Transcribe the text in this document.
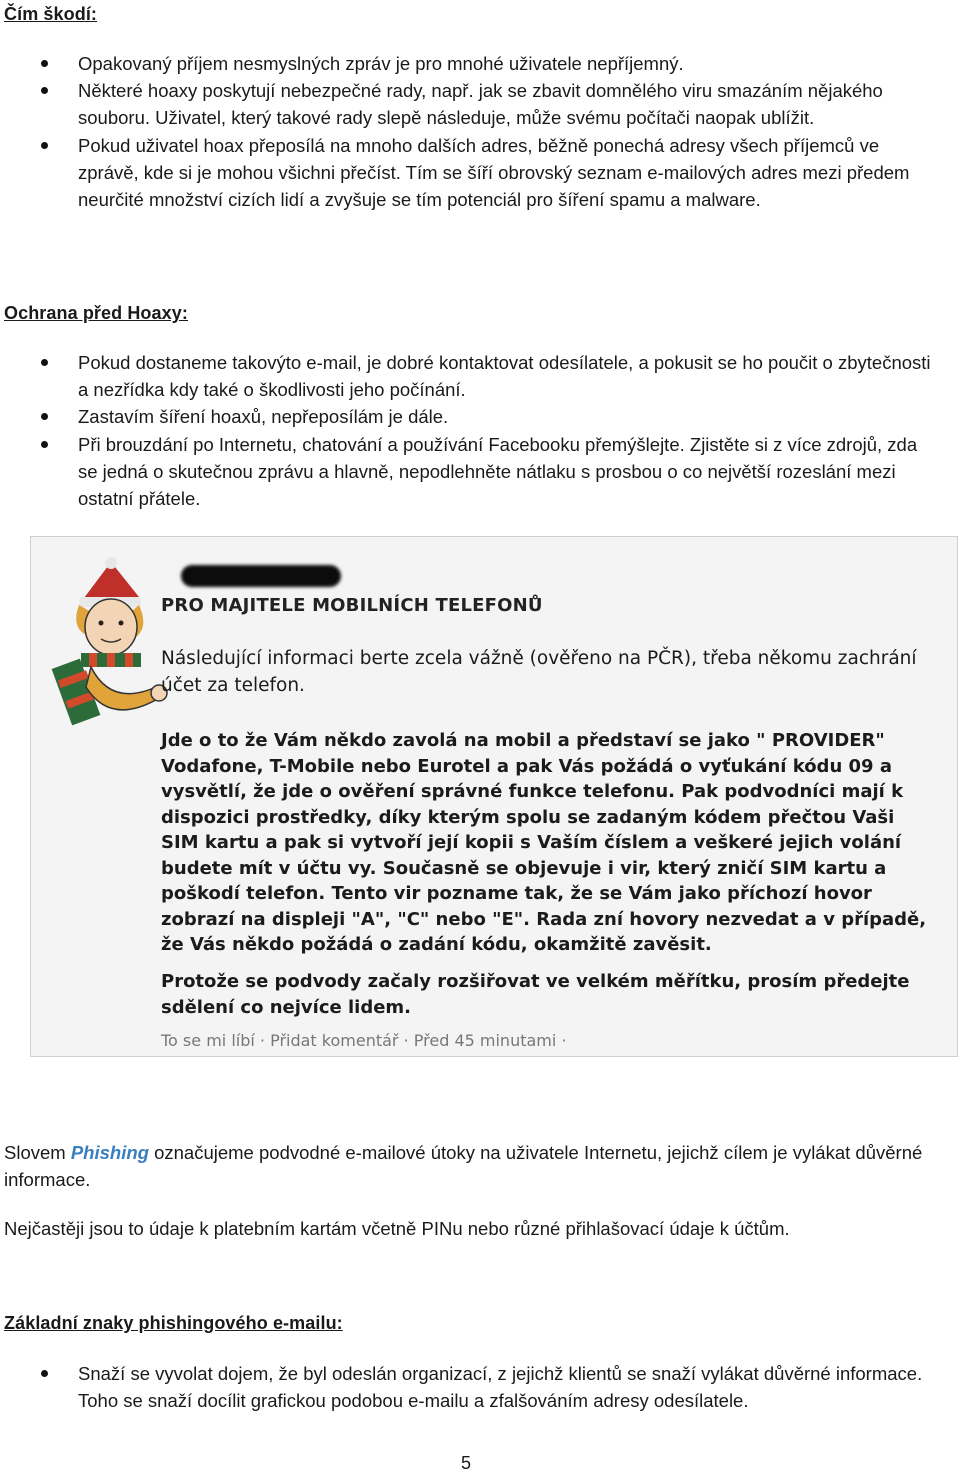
Čím škodí:
Opakovaný příjem nesmyslných zpráv je pro mnohé uživatele nepříjemný.
Některé hoaxy poskytují nebezpečné rady, např. jak se zbavit domnělého viru smazáním nějakého souboru. Uživatel, který takové rady slepě následuje, může svému počítači naopak ublížit.
Pokud uživatel hoax přeposílá na mnoho dalších adres, běžně ponechá adresy všech příjemců ve zprávě, kde si je mohou všichni přečíst. Tím se šíří obrovský seznam e-mailových adres mezi předem neurčité množství cizích lidí a zvyšuje se tím potenciál pro šíření spamu a malware.
Ochrana před Hoaxy:
Pokud dostaneme takovýto e-mail, je dobré kontaktovat odesílatele, a pokusit se ho poučit o zbytečnosti a nezřídka kdy také o škodlivosti jeho počínání.
Zastavím šíření hoaxů, nepřeposílám je dále.
Při brouzdání po Internetu, chatování a používání Facebooku přemýšlejte. Zjistěte si z více zdrojů, zda se jedná o skutečnou zprávu a hlavně, nepodlehněte nátlaku s prosbou o co největší rozeslání mezi ostatní přátele.
PRO MAJITELE MOBILNÍCH TELEFONŮ
Následující informaci berte zcela vážně (ověřeno na PČR), třeba někomu zachrání účet za telefon.
Jde o to že Vám někdo zavolá na mobil a představí se jako " PROVIDER" Vodafone, T-Mobile nebo Eurotel a pak Vás požádá o vyťukání kódu 09 a vysvětlí, že jde o ověření správné funkce telefonu. Pak podvodníci mají k dispozici prostředky, díky kterým spolu se zadaným kódem přečtou Vaši SIM kartu a pak si vytvoří její kopii s Vaším číslem a veškeré jejich volání budete mít v účtu vy. Současně se objevuje i vir, který zničí SIM kartu a poškodí telefon. Tento vir pozname tak, že se Vám jako příchozí hovor zobrazí na displeji "A", "C" nebo "E". Rada zní hovory nezvedat a v případě, že Vás někdo požádá o zadání kódu, okamžitě zavěsit.
Protože se podvody začaly rozšiřovat ve velkém měřítku, prosím předejte sdělení co nejvíce lidem.
To se mi líbí · Přidat komentář · Před 45 minutami ·
Slovem Phishing označujeme podvodné e-mailové útoky na uživatele Internetu, jejichž cílem je vylákat důvěrné informace.
Nejčastěji jsou to údaje k platebním kartám včetně PINu nebo různé přihlašovací údaje k účtům.
Základní znaky phishingového e-mailu:
Snaží se vyvolat dojem, že byl odeslán organizací, z jejichž klientů se snaží vylákat důvěrné informace. Toho se snaží docílit grafickou podobou e-mailu a zfalšováním adresy odesílatele.
5
